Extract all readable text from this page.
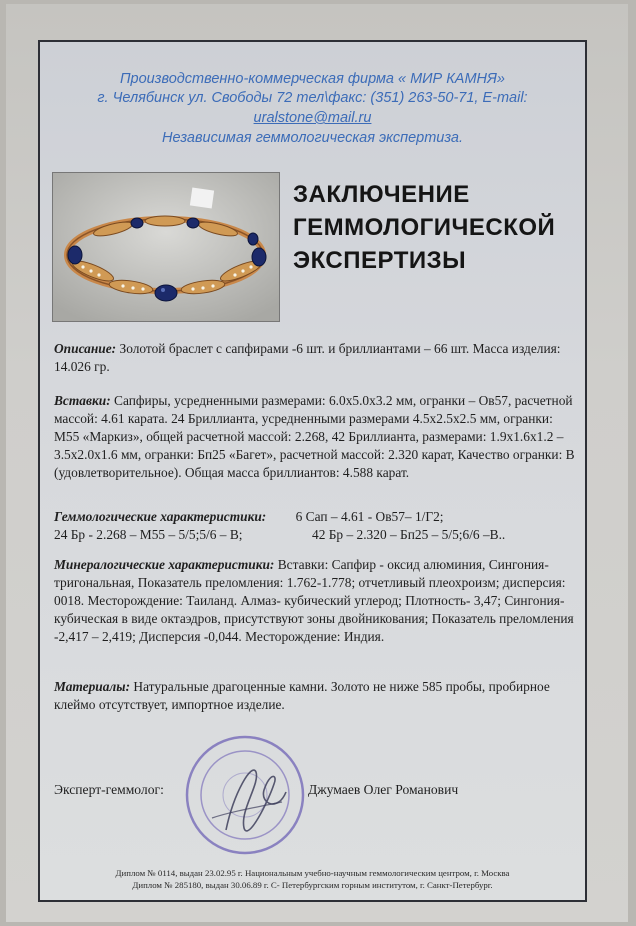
Производственно-коммерческая фирма « МИР КАМНЯ»
г. Челябинск ул. Свободы 72 тел\факс: (351) 263-50-71, E-mail:
uralstone@mail.ru
Независимая геммологическая экспертиза.
ЗАКЛЮЧЕНИЕ
ГЕММОЛОГИЧЕСКОЙ
ЭКСПЕРТИЗЫ
Описание: Золотой браслет с сапфирами -6 шт. и бриллиантами – 66 шт. Масса изделия: 14.026 гр.
Вставки: Сапфиры, усредненными размерами: 6.0x5.0x3.2 мм, огранки – Ов57, расчетной массой: 4.61 карата. 24 Бриллианта, усредненными размерами 4.5x2.5x2.5 мм, огранки: М55 «Маркиз», общей расчетной массой: 2.268, 42 Бриллианта, размерами: 1.9x1.6x1.2 – 3.5x2.0x1.6 мм, огранки: Бп25 «Багет», расчетной массой: 2.320 карат, Качество огранки: В (удовлетворительное). Общая масса бриллиантов: 4.588 карат.
Геммологические характеристики: 6 Сап – 4.61 - Ов57– 1/Г2;
24 Бр - 2.268 – М55 – 5/5;5/6 – В;	42 Бр – 2.320 – Бп25 – 5/5;6/6 –В..
Минералогические характеристики: Вставки: Сапфир - оксид алюминия, Сингония- тригональная, Показатель преломления: 1.762-1.778; отчетливый плеохроизм; дисперсия: 0018. Месторождение: Таиланд. Алмаз- кубический углерод; Плотность- 3,47; Сингония- кубическая в виде октаэдров, присутствуют зоны двойникования; Показатель преломления -2,417 – 2,419; Дисперсия -0,044. Месторождение: Индия.
Материалы: Натуральные драгоценные камни. Золото не ниже 585 пробы, пробирное клеймо отсутствует, импортное изделие.
Эксперт-геммолог:	Джумаев Олег Романович
Диплом № 0114, выдан 23.02.95 г. Национальным учебно-научным геммологическим центром, г. Москва
Диплом № 285180, выдан 30.06.89 г. С- Петербургским горным институтом, г. Санкт-Петербург.
